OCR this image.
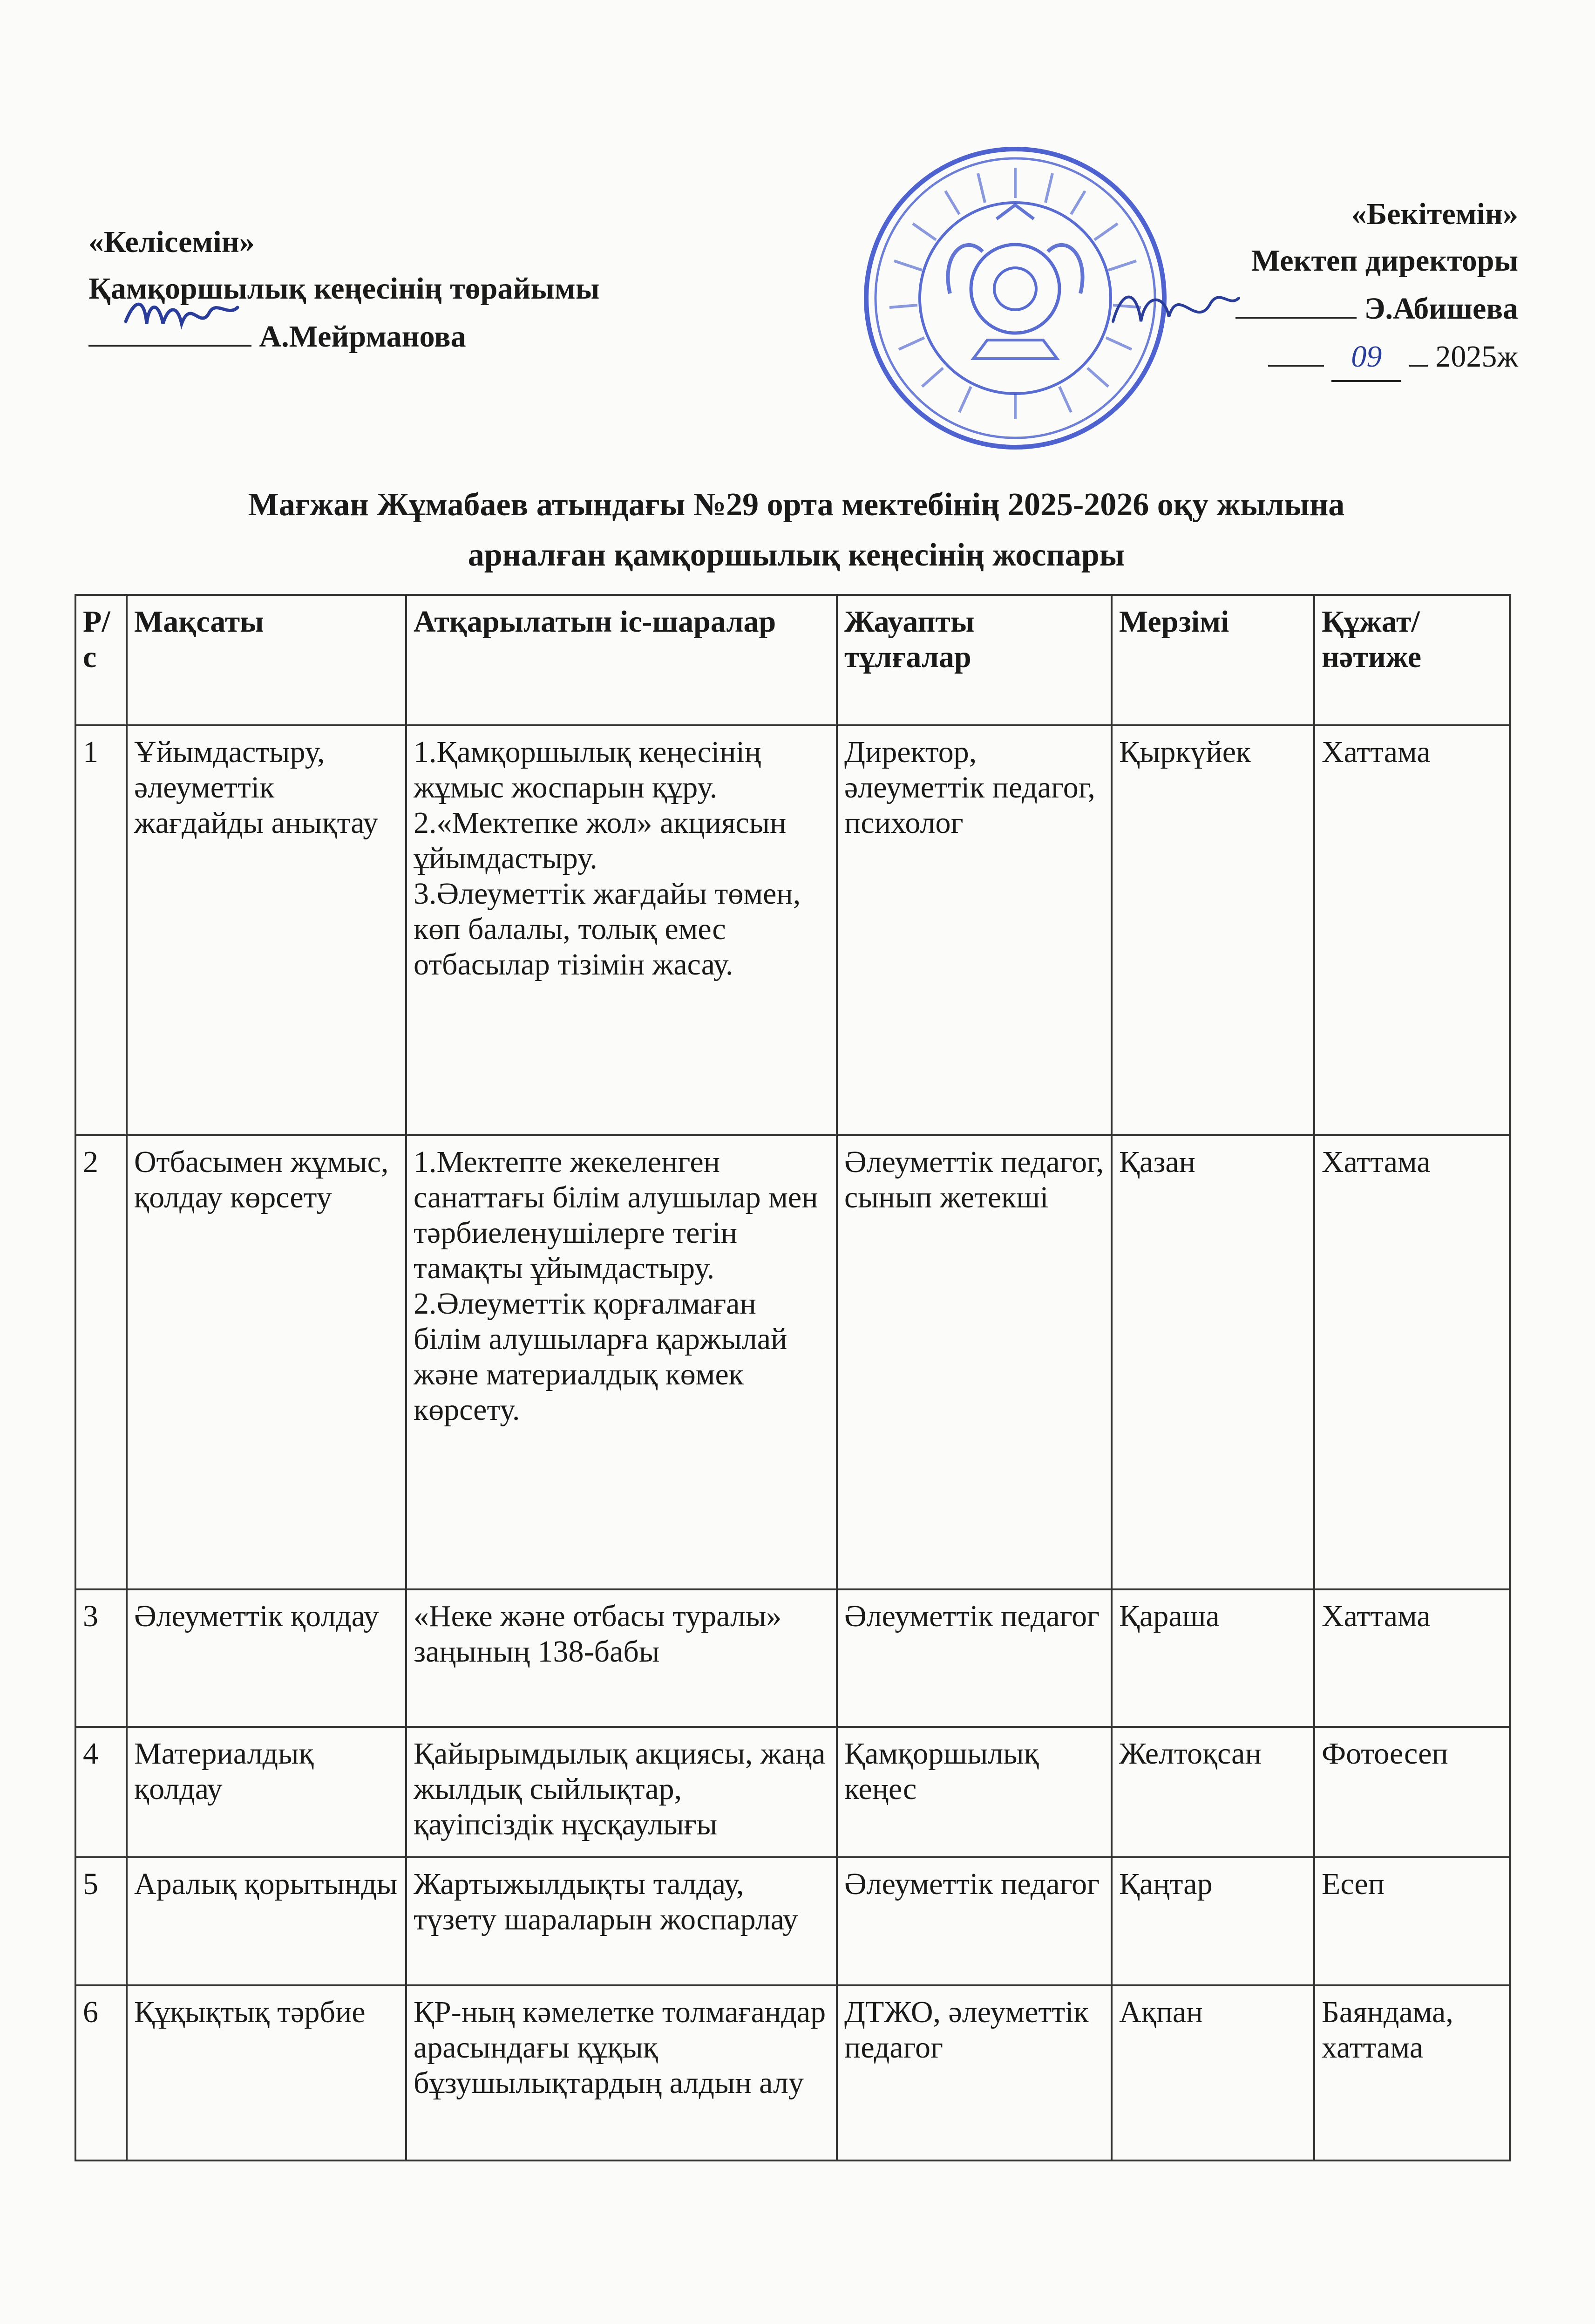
«Келісемін»
Қамқоршылық кеңесінің төрайымы
А.Мейрманова
«Бекітемін»
Мектеп директоры
Э.Абишева
09 2025ж
Мағжан Жұмабаев атындағы №29 орта мектебінің 2025-2026 оқу жылына
арналған қамқоршылық кеңесінің жоспары
Р/с	Мақсаты	Атқарылатын іс-шаралар	Жауапты тұлғалар	Мерзімі	Құжат/ нәтиже
1	Ұйымдастыру, әлеуметтік жағдайды анықтау	1.Қамқоршылық кеңесінің жұмыс жоспарын құру.
2.«Мектепке жол» акциясын ұйымдастыру.
3.Әлеуметтік жағдайы төмен, көп балалы, толық емес отбасылар тізімін жасау.	Директор, әлеуметтік педагог, психолог	Қыркүйек	Хаттама
2	Отбасымен жұмыс, қолдау көрсету	1.Мектепте жекеленген санаттағы білім алушылар мен тәрбиеленушілерге тегін тамақты ұйымдастыру.
2.Әлеуметтік қорғалмаған білім алушыларға қаржылай және материалдық көмек көрсету.	Әлеуметтік педагог, сынып жетекші	Қазан	Хаттама
3	Әлеуметтік қолдау	«Неке және отбасы туралы» заңының 138-бабы	Әлеуметтік педагог	Қараша	Хаттама
4	Материалдық қолдау	Қайырымдылық акциясы, жаңа жылдық сыйлықтар, қауіпсіздік нұсқаулығы	Қамқоршылық кеңес	Желтоқсан	Фотоесеп
5	Аралық қорытынды	Жартыжылдықты талдау, түзету шараларын жоспарлау	Әлеуметтік педагог	Қаңтар	Есеп
6	Құқықтық тәрбие	ҚР-ның кәмелетке толмағандар арасындағы құқық бұзушылықтардың алдын алу	ДТЖО, әлеуметтік педагог	Ақпан	Баяндама, хаттама
